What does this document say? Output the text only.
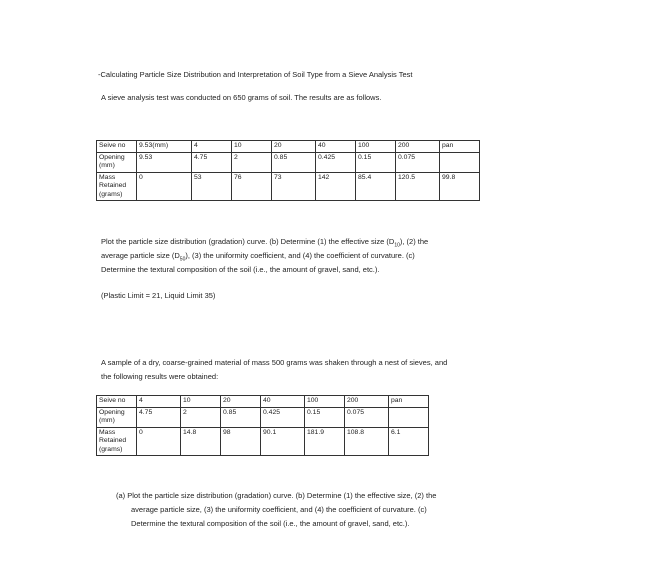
-Calculating Particle Size Distribution and Interpretation of Soil Type from a Sieve Analysis Test
A sieve analysis test was conducted on 650 grams of soil. The results are as follows.
Seive no	9.53(mm)	4	10	20	40	100	200	pan

Opening
(mm)	9.53	4.75	2	0.85	0.425	0.15	0.075	

Mass
Retained
(grams)	0	53	76	73	142	85.4	120.5	99.8
Plot the particle size distribution (gradation) curve. (b) Determine (1) the effective size $(D_{10})$, (2) the
average particle size $(D_{50})$, (3) the uniformity coefficient, and (4) the coefficient of curvature. (c)
Determine the textural composition of the soil (i.e., the amount of gravel, sand, etc.).
(Plastic Limit = 21, Liquid Limit 35)
A sample of a dry, coarse-grained material of mass 500 grams was shaken through a nest of sieves, and
the following results were obtained:
Seive no	4	10	20	40	100	200	pan

Opening
(mm)	4.75	2	0.85	0.425	0.15	0.075	

Mass
Retained
(grams)	0	14.8	98	90.1	181.9	108.8	6.1
(a) Plot the particle size distribution (gradation) curve. (b) Determine (1) the effective size, (2) the
average particle size, (3) the uniformity coefficient, and (4) the coefficient of curvature. (c)
Determine the textural composition of the soil (i.e., the amount of gravel, sand, etc.).
